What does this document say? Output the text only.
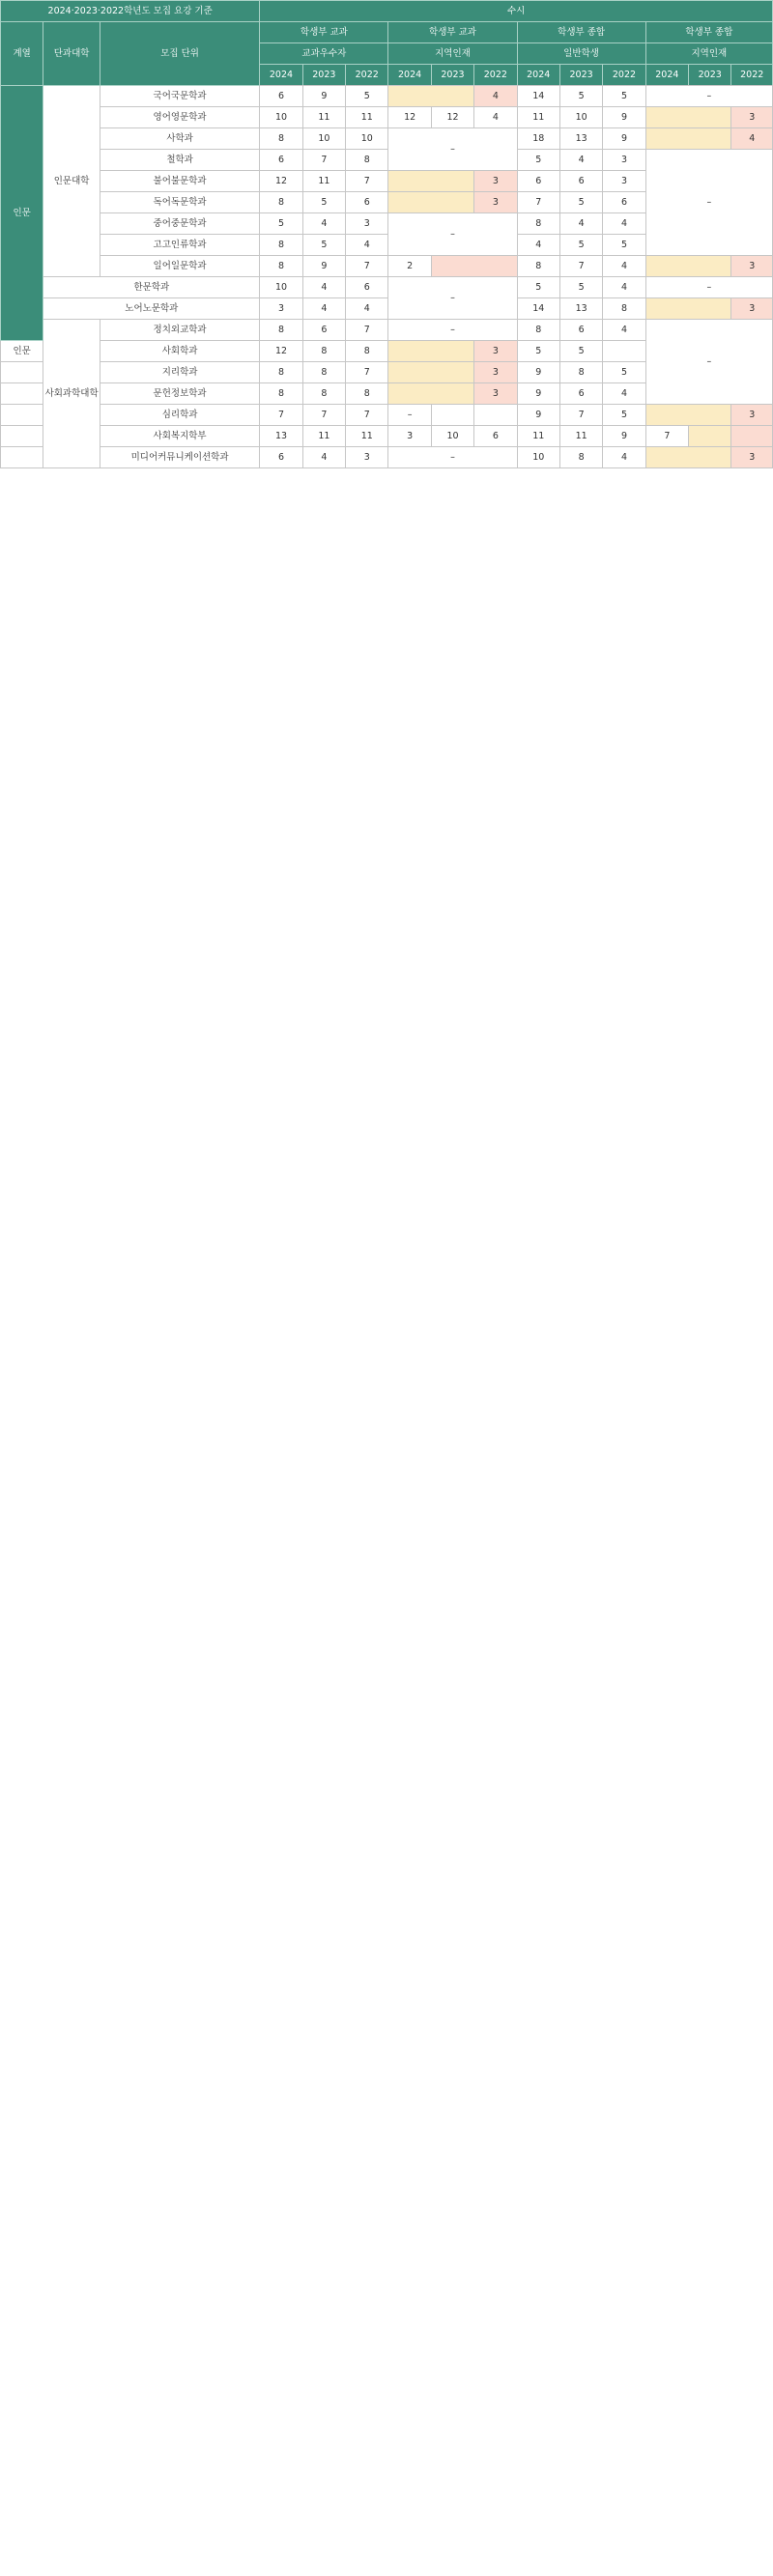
2024·2023·2022학년도 모집 요강 기준			수시											
계열	단과대학	모집 단위	학생부 교과			학생부 교과			학생부 종합			학생부 종합		
			교과우수자			지역인재			일반학생			지역인재		
			2024	2023	2022	2024	2023	2022	2024	2023	2022	2024	2023	2022

인문	인문대학	국어국문학과	6	9	5			4	14	5	5	–		
		영어영문학과	10	11	11	12	12	4	11	10	9			3
		사학과	8	10	10	–			18	13	9			4
		철학과	6	7	8				5	4	3	–		
		불어불문학과	12	11	7			3	6	6	3			
		독어독문학과	8	5	6			3	7	5	6			
		중어중문학과	5	4	3	–			8	4	4			
		고고인류학과	8	5	4				4	5	5			
		일어일문학과	8	9	7	2			8	7	4			3
	한문학과		10	4	6	–			5	5	4	–		
	노어노문학과		3	4	4				14	13	8			3
	사회과학대학	정치외교학과	8	6	7	–			8	6	4	–		
인문		사회학과	12	8	8			3	5	5				
		지리학과	8	8	7			3	9	8	5			
		문헌정보학과	8	8	8			3	9	6	4			
		심리학과	7	7	7	–			9	7	5			3
		사회복지학부	13	11	11	3	10	6	11	11	9	7		
		미디어커뮤니케이션학과	6	4	3	–			10	8	4			3
